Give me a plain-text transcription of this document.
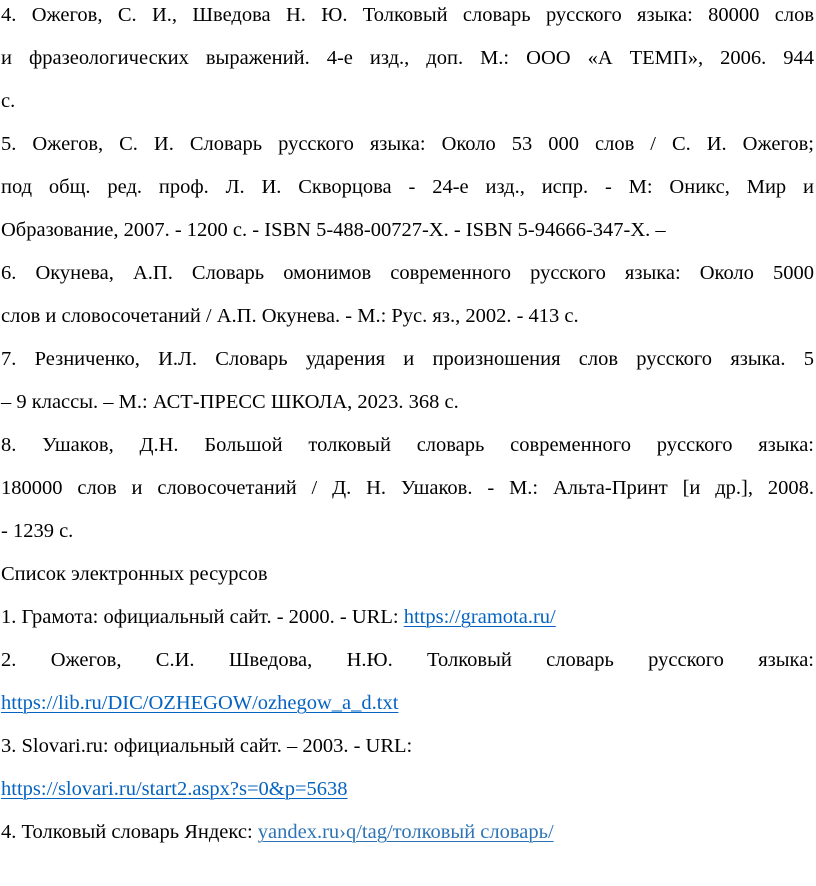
4. Ожегов, С. И., Шведова Н. Ю. Толковый словарь русского языка: 80000 слов
и фразеологических выражений. 4-е изд., доп. М.: ООО «А ТЕМП», 2006. 944
с.
5. Ожегов, С. И. Словарь русского языка: Около 53 000 слов / С. И. Ожегов;
под общ. ред. проф. Л. И. Скворцова - 24-е изд., испр. - М: Оникс, Мир и
Образование, 2007. - 1200 с. - ISBN 5-488-00727-X. - ISBN 5-94666-347-X. –
6. Окунева, А.П. Словарь омонимов современного русского языка: Около 5000
слов и словосочетаний / А.П. Окунева. - М.: Рус. яз., 2002. - 413 с.
7. Резниченко, И.Л. Словарь ударения и произношения слов русского языка. 5
– 9 классы. – М.: АСТ-ПРЕСС ШКОЛА, 2023. 368 с.
8. Ушаков, Д.Н. Большой толковый словарь современного русского языка:
180000 слов и словосочетаний / Д. Н. Ушаков. - М.: Альта-Принт [и др.], 2008.
- 1239 с.
Список электронных ресурсов
1. Грамота: официальный сайт. - 2000. - URL: https://gramota.ru/
2. Ожегов, С.И. Шведова, Н.Ю. Толковый словарь русского языка:
https://lib.ru/DIC/OZHEGOW/ozhegow_a_d.txt
3. Slovari.ru: официальный сайт. – 2003. - URL:
https://slovari.ru/start2.aspx?s=0&p=5638
4. Толковый словарь Яндекс: yandex.ru›q/tag/толковый словарь/
